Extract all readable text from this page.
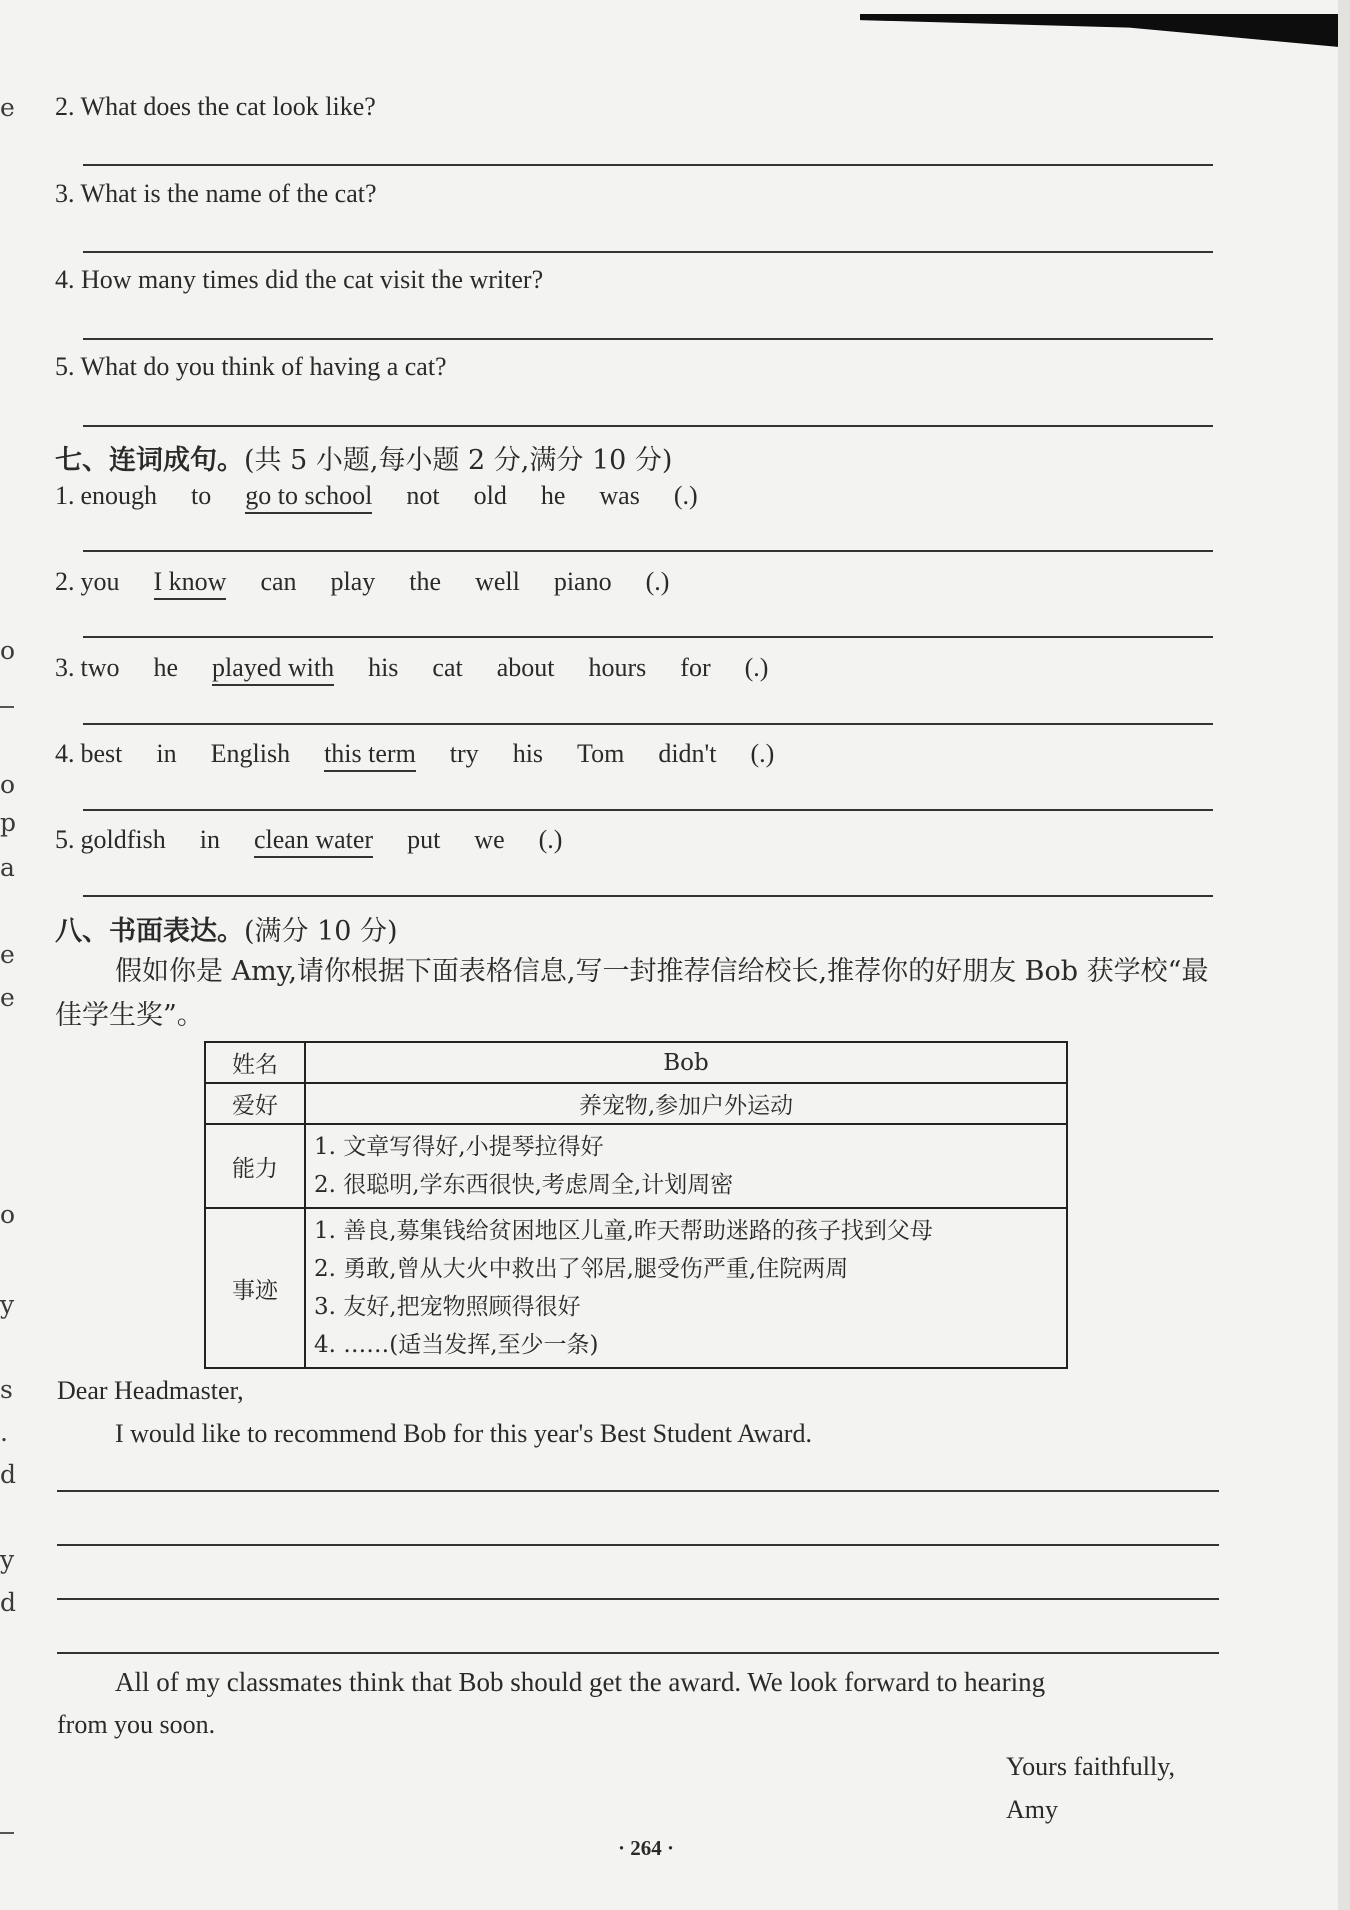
e
o
o
p
a
e
e
o
y
s
.
d
y
d
2. What does the cat look like?
3. What is the name of the cat?
4. How many times did the cat visit the writer?
5. What do you think of having a cat?
七、连词成句。(共 5 小题,每小题 2 分,满分 10 分)
1. enough to go to school not old he was (.)
2. you I know can play the well piano (.)
3. two he played with his cat about hours for (.)
4. best in English this term try his Tom didn't (.)
5. goldfish in clean water put we (.)
八、书面表达。(满分 10 分)
假如你是 Amy,请你根据下面表格信息,写一封推荐信给校长,推荐你的好朋友 Bob 获学校“最佳学生奖”。
姓名	Bob
爱好	养宠物,参加户外运动
能力	1. 文章写得好,小提琴拉得好
2. 很聪明,学东西很快,考虑周全,计划周密

事迹	1. 善良,募集钱给贫困地区儿童,昨天帮助迷路的孩子找到父母
2. 勇敢,曾从大火中救出了邻居,腿受伤严重,住院两周
3. 友好,把宠物照顾得很好
4. ……(适当发挥,至少一条)
Dear Headmaster,
I would like to recommend Bob for this year's Best Student Award.
All of my classmates think that Bob should get the award. We look forward to hearing
from you soon.
Yours faithfully,
Amy
· 264 ·
